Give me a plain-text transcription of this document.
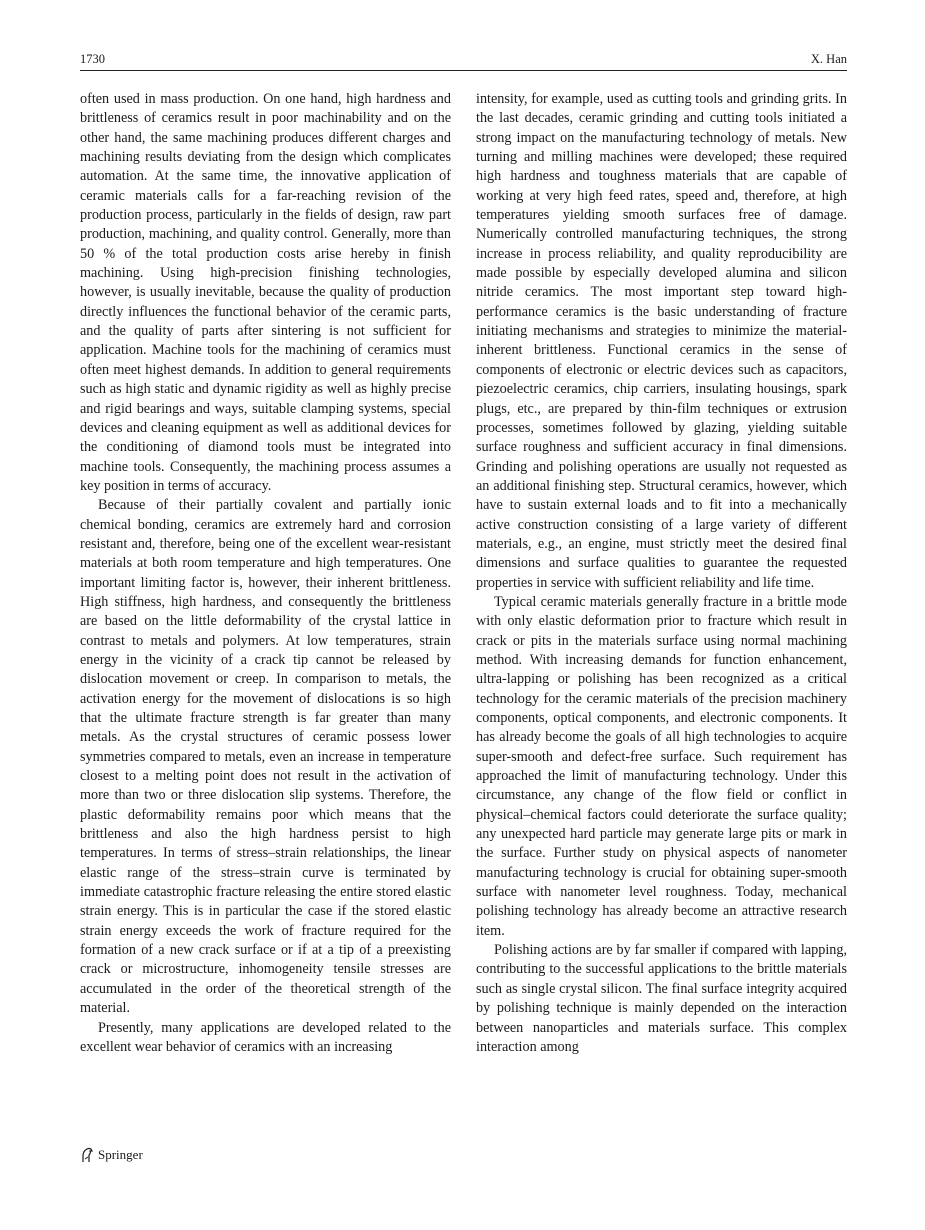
1730	X. Han

often used in mass production. On one hand, high hardness and brittleness of ceramics result in poor machinability and on the other hand, the same machining produces different charges and machining results deviating from the design which complicates automation. At the same time, the innovative application of ceramic materials calls for a far-reaching revision of the production process, particularly in the fields of design, raw part production, machining, and quality control. Generally, more than 50 % of the total production costs arise hereby in finish machining. Using high-precision finishing technologies, however, is usually inevitable, because the quality of production directly influences the functional behavior of the ceramic parts, and the quality of parts after sintering is not sufficient for application. Machine tools for the machining of ceramics must often meet highest demands. In addition to general requirements such as high static and dynamic rigidity as well as highly precise and rigid bearings and ways, suitable clamping systems, special devices and cleaning equipment as well as additional devices for the conditioning of diamond tools must be integrated into machine tools. Consequently, the machining process assumes a key position in terms of accuracy.

Because of their partially covalent and partially ionic chemical bonding, ceramics are extremely hard and corrosion resistant and, therefore, being one of the excellent wear-resistant materials at both room temperature and high temperatures. One important limiting factor is, however, their inherent brittleness. High stiffness, high hardness, and consequently the brittleness are based on the little deformability of the crystal lattice in contrast to metals and polymers. At low temperatures, strain energy in the vicinity of a crack tip cannot be released by dislocation movement or creep. In comparison to metals, the activation energy for the movement of dislocations is so high that the ultimate fracture strength is far greater than many metals. As the crystal structures of ceramic possess lower symmetries compared to metals, even an increase in temperature closest to a melting point does not result in the activation of more than two or three dislocation slip systems. Therefore, the plastic deformability remains poor which means that the brittleness and also the high hardness persist to high temperatures. In terms of stress–strain relationships, the linear elastic range of the stress–strain curve is terminated by immediate catastrophic fracture releasing the entire stored elastic strain energy. This is in particular the case if the stored elastic strain energy exceeds the work of fracture required for the formation of a new crack surface or if at a tip of a preexisting crack or microstructure, inhomogeneity tensile stresses are accumulated in the order of the theoretical strength of the material.

Presently, many applications are developed related to the excellent wear behavior of ceramics with an increasing

intensity, for example, used as cutting tools and grinding grits. In the last decades, ceramic grinding and cutting tools initiated a strong impact on the manufacturing technology of metals. New turning and milling machines were developed; these required high hardness and toughness materials that are capable of working at very high feed rates, speed and, therefore, at high temperatures yielding smooth surfaces free of damage. Numerically controlled manufacturing techniques, the strong increase in process reliability, and quality reproducibility are made possible by especially developed alumina and silicon nitride ceramics. The most important step toward high-performance ceramics is the basic understanding of fracture initiating mechanisms and strategies to minimize the material-inherent brittleness. Functional ceramics in the sense of components of electronic or electric devices such as capacitors, piezoelectric ceramics, chip carriers, insulating housings, spark plugs, etc., are prepared by thin-film techniques or extrusion processes, sometimes followed by glazing, yielding suitable surface roughness and sufficient accuracy in final dimensions. Grinding and polishing operations are usually not requested as an additional finishing step. Structural ceramics, however, which have to sustain external loads and to fit into a mechanically active construction consisting of a large variety of different materials, e.g., an engine, must strictly meet the desired final dimensions and surface qualities to guarantee the requested properties in service with sufficient reliability and life time.

Typical ceramic materials generally fracture in a brittle mode with only elastic deformation prior to fracture which result in crack or pits in the materials surface using normal machining method. With increasing demands for function enhancement, ultra-lapping or polishing has been recognized as a critical technology for the ceramic materials of the precision machinery components, optical components, and electronic components. It has already become the goals of all high technologies to acquire super-smooth and defect-free surface. Such requirement has approached the limit of manufacturing technology. Under this circumstance, any change of the flow field or conflict in physical–chemical factors could deteriorate the surface quality; any unexpected hard particle may generate large pits or mark in the surface. Further study on physical aspects of nanometer manufacturing technology is crucial for obtaining super-smooth surface with nanometer level roughness. Today, mechanical polishing technology has already become an attractive research item.

Polishing actions are by far smaller if compared with lapping, contributing to the successful applications to the brittle materials such as single crystal silicon. The final surface integrity acquired by polishing technique is mainly depended on the interaction between nanoparticles and materials surface. This complex interaction among

Springer
